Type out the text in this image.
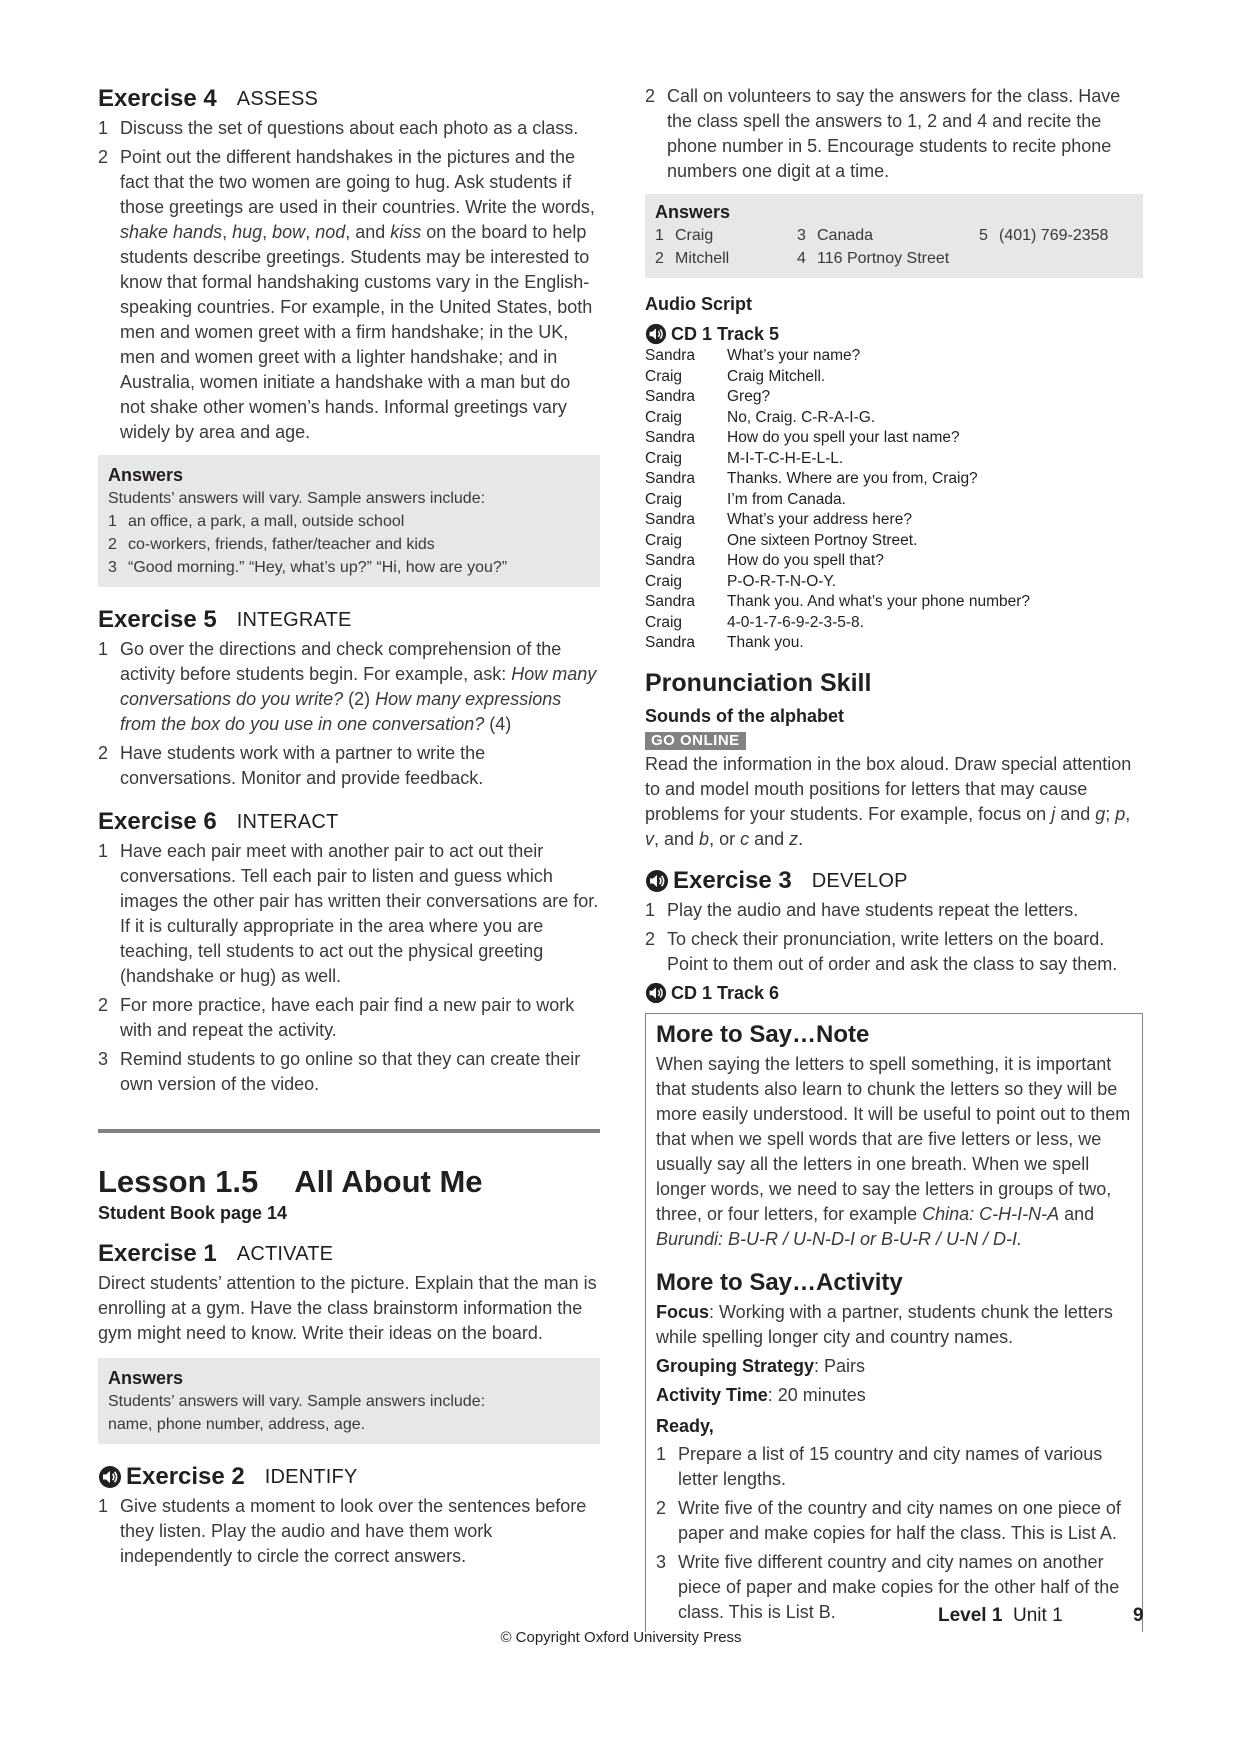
Exercise 4 ASSESS
1 Discuss the set of questions about each photo as a class.
2 Point out the different handshakes in the pictures and the fact that the two women are going to hug. Ask students if those greetings are used in their countries. Write the words, shake hands, hug, bow, nod, and kiss on the board to help students describe greetings. Students may be interested to know that formal handshaking customs vary in the English-speaking countries. For example, in the United States, both men and women greet with a firm handshake; in the UK, men and women greet with a lighter handshake; and in Australia, women initiate a handshake with a man but do not shake other women’s hands. Informal greetings vary widely by area and age.
Answers
Students’ answers will vary. Sample answers include:
1 an office, a park, a mall, outside school
2 co-workers, friends, father/teacher and kids
3 “Good morning.” “Hey, what’s up?” “Hi, how are you?”
Exercise 5 INTEGRATE
1 Go over the directions and check comprehension of the activity before students begin. For example, ask: How many conversations do you write? (2) How many expressions from the box do you use in one conversation? (4)
2 Have students work with a partner to write the conversations. Monitor and provide feedback.
Exercise 6 INTERACT
1 Have each pair meet with another pair to act out their conversations. Tell each pair to listen and guess which images the other pair has written their conversations are for. If it is culturally appropriate in the area where you are teaching, tell students to act out the physical greeting (handshake or hug) as well.
2 For more practice, have each pair find a new pair to work with and repeat the activity.
3 Remind students to go online so that they can create their own version of the video.
Lesson 1.5 All About Me
Student Book page 14
Exercise 1 ACTIVATE
Direct students’ attention to the picture. Explain that the man is enrolling at a gym. Have the class brainstorm information the gym might need to know. Write their ideas on the board.
Answers
Students’ answers will vary. Sample answers include:
name, phone number, address, age.
Exercise 2 IDENTIFY
1 Give students a moment to look over the sentences before they listen. Play the audio and have them work independently to circle the correct answers.
2 Call on volunteers to say the answers for the class. Have the class spell the answers to 1, 2 and 4 and recite the phone number in 5. Encourage students to recite phone numbers one digit at a time.
Answers
1 Craig	3 Canada	5 (401) 769-2358
2 Mitchell	4 116 Portnoy Street
Audio Script
CD 1 Track 5
Sandra	What’s your name?
Craig	Craig Mitchell.
Sandra	Greg?
Craig	No, Craig. C-R-A-I-G.
Sandra	How do you spell your last name?
Craig	M-I-T-C-H-E-L-L.
Sandra	Thanks. Where are you from, Craig?
Craig	I’m from Canada.
Sandra	What’s your address here?
Craig	One sixteen Portnoy Street.
Sandra	How do you spell that?
Craig	P-O-R-T-N-O-Y.
Sandra	Thank you. And what’s your phone number?
Craig	4-0-1-7-6-9-2-3-5-8.
Sandra	Thank you.
Pronunciation Skill
Sounds of the alphabet
GO ONLINE
Read the information in the box aloud. Draw special attention to and model mouth positions for letters that may cause problems for your students. For example, focus on j and g; p, v, and b, or c and z.
Exercise 3 DEVELOP
1 Play the audio and have students repeat the letters.
2 To check their pronunciation, write letters on the board. Point to them out of order and ask the class to say them.
CD 1 Track 6
More to Say…Note
When saying the letters to spell something, it is important that students also learn to chunk the letters so they will be more easily understood. It will be useful to point out to them that when we spell words that are five letters or less, we usually say all the letters in one breath. When we spell longer words, we need to say the letters in groups of two, three, or four letters, for example China: C-H-I-N-A and Burundi: B-U-R / U-N-D-I or B-U-R / U-N / D-I.
More to Say…Activity
Focus: Working with a partner, students chunk the letters while spelling longer city and country names.
Grouping Strategy: Pairs
Activity Time: 20 minutes
Ready,
1 Prepare a list of 15 country and city names of various letter lengths.
2 Write five of the country and city names on one piece of paper and make copies for half the class. This is List A.
3 Write five different country and city names on another piece of paper and make copies for the other half of the class. This is List B.	Level 1 Unit 1	9
© Copyright Oxford University Press
